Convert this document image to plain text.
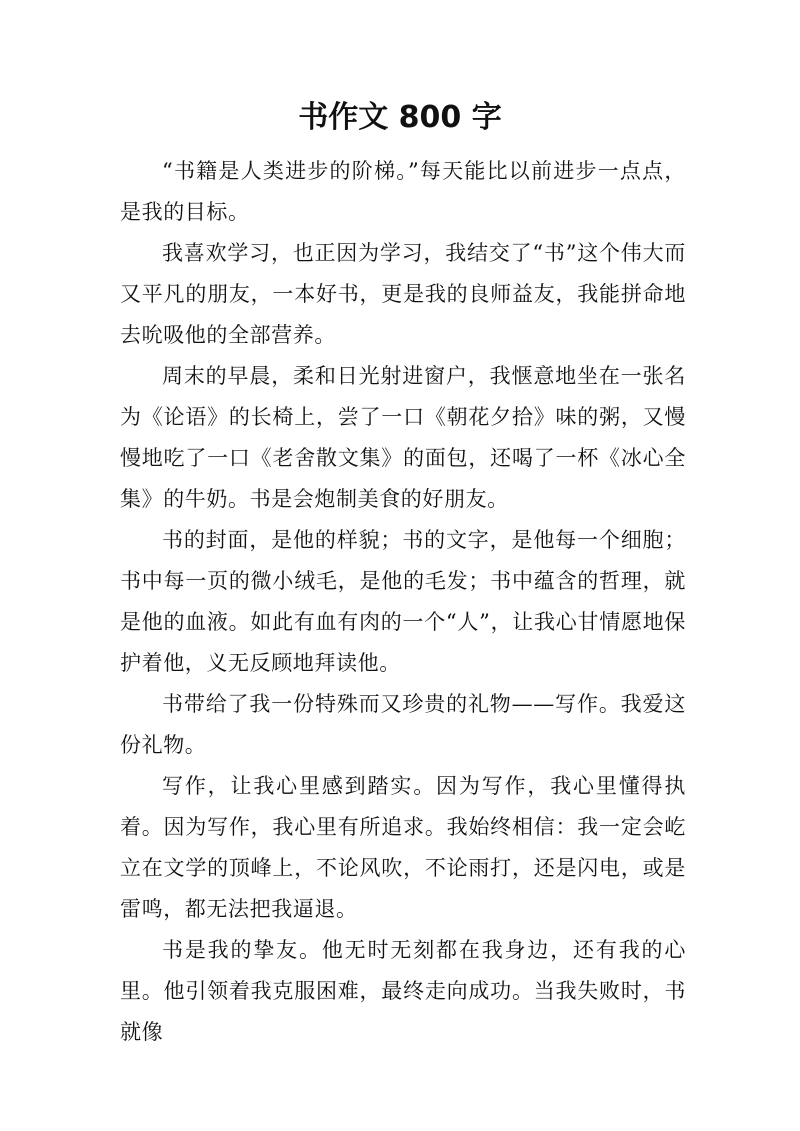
书作文 800 字

“书籍是人类进步的阶梯。”每天能比以前进步一点点，是我的目标。

我喜欢学习，也正因为学习，我结交了“书”这个伟大而又平凡的朋友，一本好书，更是我的良师益友，我能拼命地去吮吸他的全部营养。

周末的早晨，柔和日光射进窗户，我惬意地坐在一张名为《论语》的长椅上，尝了一口《朝花夕拾》味的粥，又慢慢地吃了一口《老舍散文集》的面包，还喝了一杯《冰心全集》的牛奶。书是会炮制美食的好朋友。

书的封面，是他的样貌；书的文字，是他每一个细胞；书中每一页的微小绒毛，是他的毛发；书中蕴含的哲理，就是他的血液。如此有血有肉的一个“人”，让我心甘情愿地保护着他，义无反顾地拜读他。

书带给了我一份特殊而又珍贵的礼物——写作。我爱这份礼物。

写作，让我心里感到踏实。因为写作，我心里懂得执着。因为写作，我心里有所追求。我始终相信：我一定会屹立在文学的顶峰上，不论风吹，不论雨打，还是闪电，或是雷鸣，都无法把我逼退。

书是我的挚友。他无时无刻都在我身边，还有我的心里。他引领着我克服困难，最终走向成功。当我失败时，书就像
